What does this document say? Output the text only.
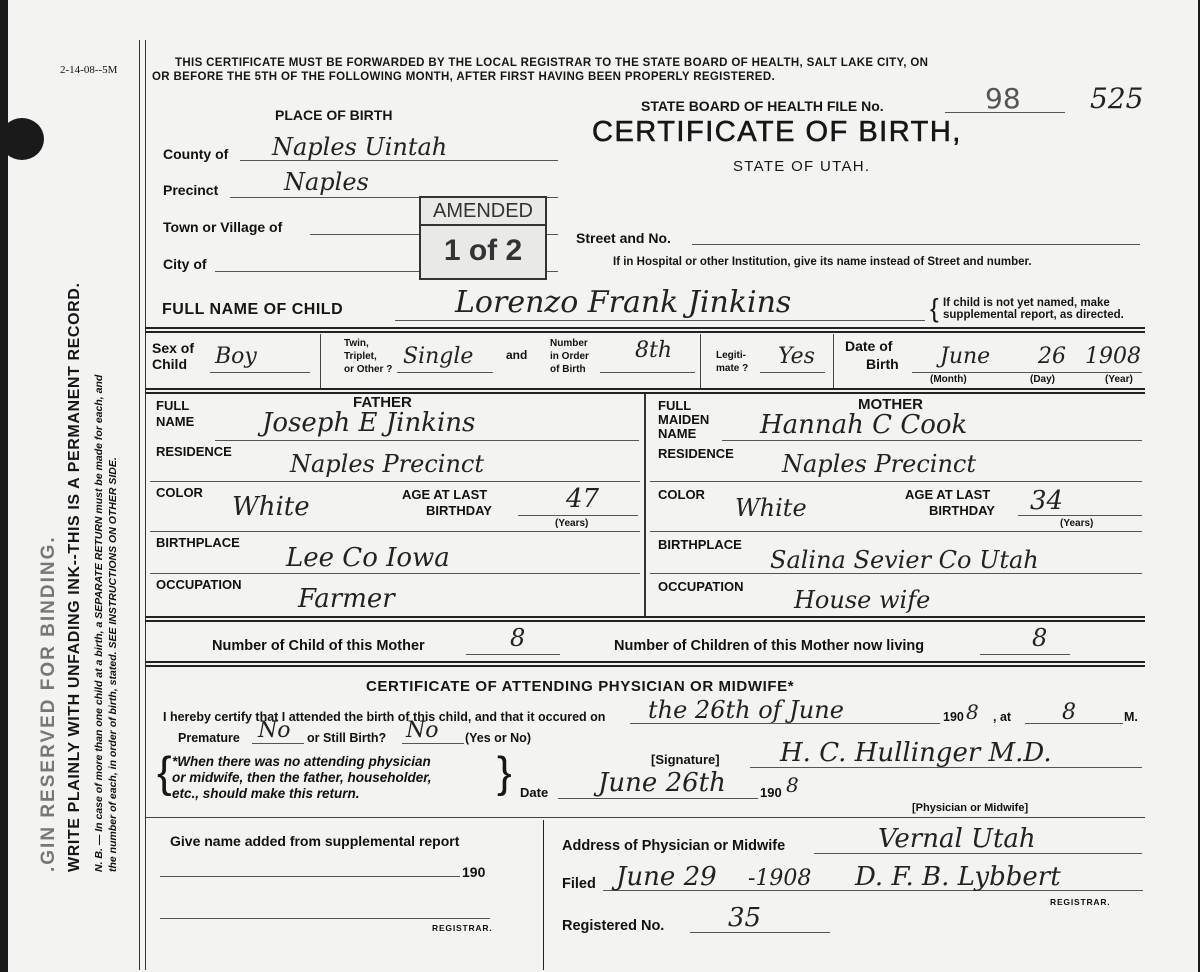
2-14-08--5M
.GIN RESERVED FOR BINDING. WRITE PLAINLY WITH UNFADING INK--THIS IS A PERMANENT RECORD. N. B. — In case of more than one child at a birth, a SEPARATE RETURN must be made for each, and the number of each, in order of birth, stated. SEE INSTRUCTIONS ON OTHER SIDE.
THIS CERTIFICATE MUST BE FORWARDED BY THE LOCAL REGISTRAR TO THE STATE BOARD OF HEALTH, SALT LAKE CITY, ON
OR BEFORE THE 5TH OF THE FOLLOWING MONTH, AFTER FIRST HAVING BEEN PROPERLY REGISTERED.
STATE BOARD OF HEALTH FILE No.	98 525
CERTIFICATE OF BIRTH,
STATE OF UTAH.
PLACE OF BIRTH
County of Naples Uintah
Precinct	Naples
Town or Village of
City of
AMENDED
1 of 2	Street and No.
If in Hospital or other Institution, give its name instead of Street and number.
FULL NAME OF CHILD	Lorenzo Frank Jinkins	{ If child is not yet named, make
supplemental report, as directed.
Sex of
Child Boy
Twin,
Triplet,
or Other ?
Single	and
Number
in Order
of Birth
8th	Legiti-
mate ? Yes Date of
Birth June 26 1908
(Month)	(Day)	(Year)
FATHER
FULL
NAME	Joseph E Jinkins
RESIDENCE Naples Precinct
COLOR White	AGE AT LAST
BIRTHDAY	47
(Years)
BIRTHPLACE
Lee Co Iowa
OCCUPATION Farmer
MOTHER
FULL
MAIDEN
NAME Hannah C Cook
RESIDENCE Naples Precinct
COLOR White	AGE AT LAST
BIRTHDAY 34
(Years)
BIRTHPLACE
Salina Sevier Co Utah
OCCUPATION House wife
Number of Child of this Mother	8	Number of Children of this Mother now living	8
CERTIFICATE OF ATTENDING PHYSICIAN OR MIDWIFE*
I hereby certify that I attended the birth of this child, and that it occured on the 26th of June	190 8 , at 8	M.
Premature No or Still Birth? No (Yes or No)
{ *When there was no attending physician
or midwife, then the father, householder,
etc., should make this return.	}	[Signature] H. C. Hullinger M.D.
Date June 26th	190 8
[Physician or Midwife]
Give name added from supplemental report
190
REGISTRAR.
Address of Physician or Midwife	Vernal Utah
Filed June 29 -1908 D. F. B. Lybbert
REGISTRAR.
Registered No. 35
